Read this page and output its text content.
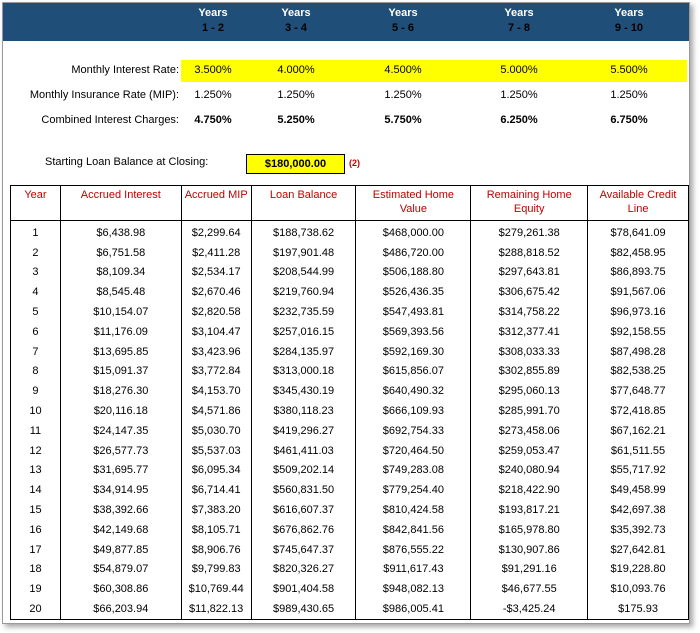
Years
1 - 2
Years
3 - 4
Years
5 - 6
Years
7 - 8
Years
9 - 10
Monthly Interest Rate:	3.500%	4.000%	4.500%	5.000%	5.500%
Monthly Insurance Rate (MIP):	1.250%	1.250%	1.250%	1.250%	1.250%
Combined Interest Charges:	4.750%	5.250%	5.750%	6.250%	6.750%
Starting Loan Balance at Closing:	$180,000.00	(2)
Year	Accrued Interest	Accrued MIP	Loan Balance	Estimated Home Value	Remaining Home Equity	Available Credit Line
1	$6,438.98	$2,299.64	$188,738.62	$468,000.00	$279,261.38	$78,641.09
2	$6,751.58	$2,411.28	$197,901.48	$486,720.00	$288,818.52	$82,458.95
3	$8,109.34	$2,534.17	$208,544.99	$506,188.80	$297,643.81	$86,893.75
4	$8,545.48	$2,670.46	$219,760.94	$526,436.35	$306,675.42	$91,567.06
5	$10,154.07	$2,820.58	$232,735.59	$547,493.81	$314,758.22	$96,973.16
6	$11,176.09	$3,104.47	$257,016.15	$569,393.56	$312,377.41	$92,158.55
7	$13,695.85	$3,423.96	$284,135.97	$592,169.30	$308,033.33	$87,498.28
8	$15,091.37	$3,772.84	$313,000.18	$615,856.07	$302,855.89	$82,538.25
9	$18,276.30	$4,153.70	$345,430.19	$640,490.32	$295,060.13	$77,648.77
10	$20,116.18	$4,571.86	$380,118.23	$666,109.93	$285,991.70	$72,418.85
11	$24,147.35	$5,030.70	$419,296.27	$692,754.33	$273,458.06	$67,162.21
12	$26,577.73	$5,537.03	$461,411.03	$720,464.50	$259,053.47	$61,511.55
13	$31,695.77	$6,095.34	$509,202.14	$749,283.08	$240,080.94	$55,717.92
14	$34,914.95	$6,714.41	$560,831.50	$779,254.40	$218,422.90	$49,458.99
15	$38,392.66	$7,383.20	$616,607.37	$810,424.58	$193,817.21	$42,697.38
16	$42,149.68	$8,105.71	$676,862.76	$842,841.56	$165,978.80	$35,392.73
17	$49,877.85	$8,906.76	$745,647.37	$876,555.22	$130,907.86	$27,642.81
18	$54,879.07	$9,799.83	$820,326.27	$911,617.43	$91,291.16	$19,228.80
19	$60,308.86	$10,769.44	$901,404.58	$948,082.13	$46,677.55	$10,093.76
20	$66,203.94	$11,822.13	$989,430.65	$986,005.41	-$3,425.24	$175.93
